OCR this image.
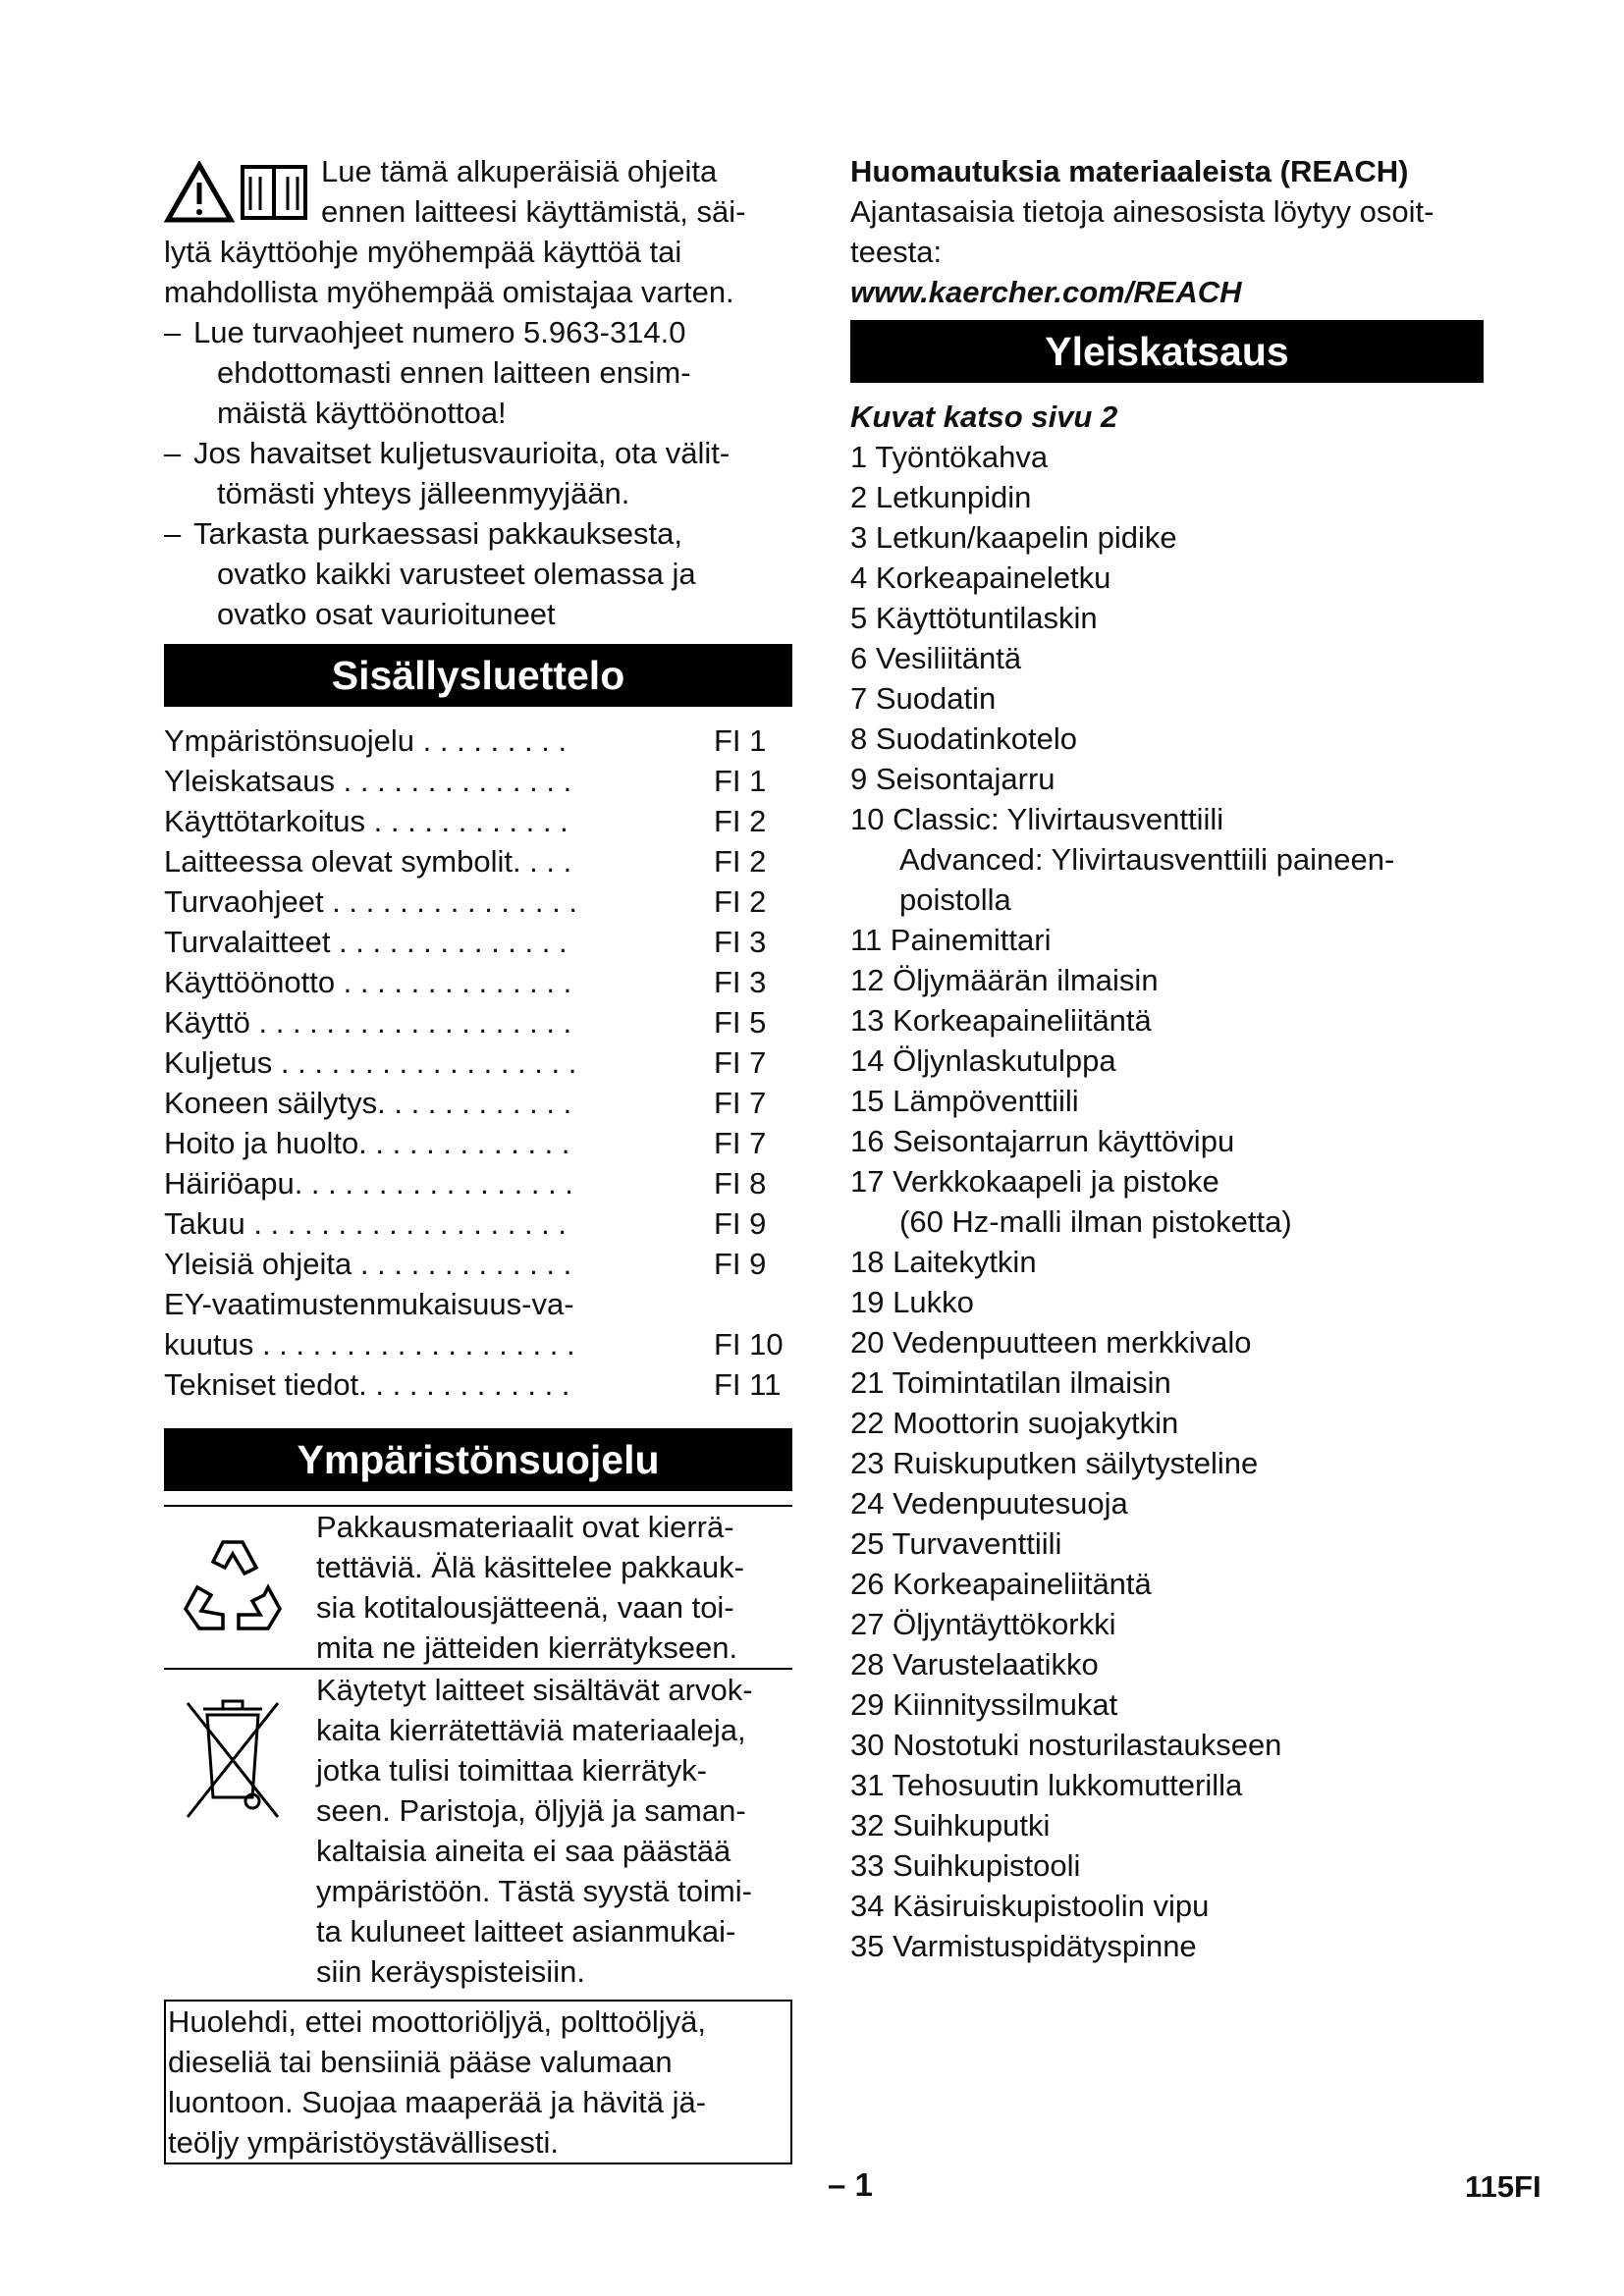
Lue tämä alkuperäisiä ohjeita
ennen laitteesi käyttämistä, säi-
lytä käyttöohje myöhempää käyttöä tai
mahdollista myöhempää omistajaa varten.
– Lue turvaohjeet numero 5.963-314.0
ehdottomasti ennen laitteen ensim-
mäistä käyttöönottoa!
– Jos havaitset kuljetusvaurioita, ota välit-
tömästi yhteys jälleenmyyjään.
– Tarkasta purkaessasi pakkauksesta,
ovatko kaikki varusteet olemassa ja
ovatko osat vaurioituneet
Sisällysluettelo
Ympäristönsuojelu . . . . . . . . .	FI 1
Yleiskatsaus . . . . . . . . . . . . . .	FI 1
Käyttötarkoitus . . . . . . . . . . . .	FI 2
Laitteessa olevat symbolit. . . .	FI 2
Turvaohjeet . . . . . . . . . . . . . . .	FI 2
Turvalaitteet . . . . . . . . . . . . . .	FI 3
Käyttöönotto . . . . . . . . . . . . . .	FI 3
Käyttö . . . . . . . . . . . . . . . . . . .	FI 5
Kuljetus . . . . . . . . . . . . . . . . . .	FI 7
Koneen säilytys. . . . . . . . . . . .	FI 7
Hoito ja huolto. . . . . . . . . . . . .	FI 7
Häiriöapu. . . . . . . . . . . . . . . . .	FI 8
Takuu . . . . . . . . . . . . . . . . . . .	FI 9
Yleisiä ohjeita . . . . . . . . . . . . .	FI 9
EY-vaatimustenmukaisuus-va-
kuutus . . . . . . . . . . . . . . . . . . .	FI 10
Tekniset tiedot. . . . . . . . . . . . .	FI 11
Ympäristönsuojelu
Pakkausmateriaalit ovat kierrä-
tettäviä. Älä käsittelee pakkauk-
sia kotitalousjätteenä, vaan toi-
mita ne jätteiden kierrätykseen.
Käytetyt laitteet sisältävät arvok-
kaita kierrätettäviä materiaaleja,
jotka tulisi toimittaa kierrätyk-
seen. Paristoja, öljyjä ja saman-
kaltaisia aineita ei saa päästää
ympäristöön. Tästä syystä toimi-
ta kuluneet laitteet asianmukai-
siin keräyspisteisiin.
Huolehdi, ettei moottoriöljyä, polttoöljyä,
dieseliä tai bensiiniä pääse valumaan
luontoon. Suojaa maaperää ja hävitä jä-
teöljy ympäristöystävällisesti.
Huomautuksia materiaaleista (REACH)
Ajantasaisia tietoja ainesosista löytyy osoit-
teesta:
www.kaercher.com/REACH
Yleiskatsaus
Kuvat katso sivu 2
1 Työntökahva
2 Letkunpidin
3 Letkun/kaapelin pidike
4 Korkeapaineletku
5 Käyttötuntilaskin
6 Vesiliitäntä
7 Suodatin
8 Suodatinkotelo
9 Seisontajarru
10 Classic: Ylivirtausventtiili
Advanced: Ylivirtausventtiili paineen-
poistolla
11 Painemittari
12 Öljymäärän ilmaisin
13 Korkeapaineliitäntä
14 Öljynlaskutulppa
15 Lämpöventtiili
16 Seisontajarrun käyttövipu
17 Verkkokaapeli ja pistoke
(60 Hz-malli ilman pistoketta)
18 Laitekytkin
19 Lukko
20 Vedenpuutteen merkkivalo
21 Toimintatilan ilmaisin
22 Moottorin suojakytkin
23 Ruiskuputken säilytysteline
24 Vedenpuutesuoja
25 Turvaventtiili
26 Korkeapaineliitäntä
27 Öljyntäyttökorkki
28 Varustelaatikko
29 Kiinnityssilmukat
30 Nostotuki nosturilastaukseen
31 Tehosuutin lukkomutterilla
32 Suihkuputki
33 Suihkupistooli
34 Käsiruiskupistoolin vipu
35 Varmistuspidätyspinne
– 1	115FI
